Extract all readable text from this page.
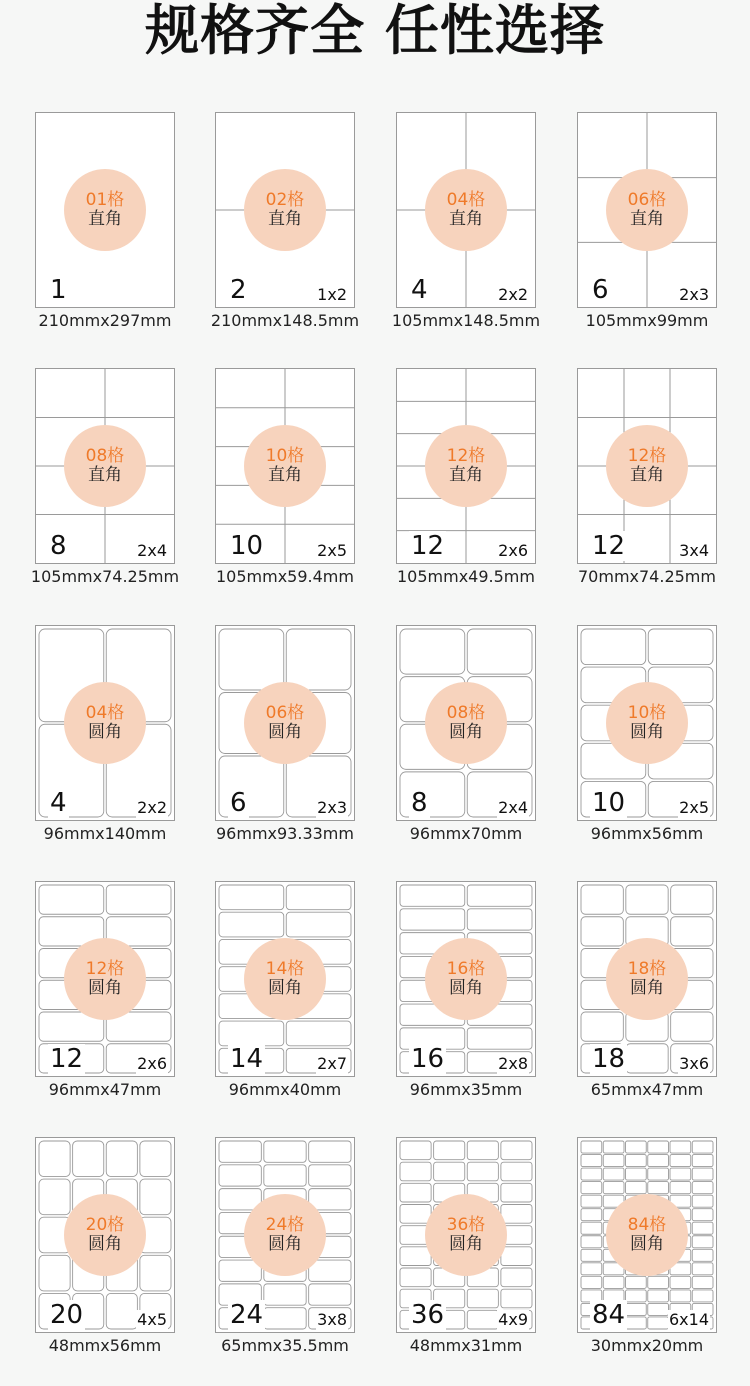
规格齐全 任性选择
01格
直角
1
210mmx297mm
02格
直角
2	1x2
210mmx148.5mm
04格
直角
4	2x2
105mmx148.5mm
06格
直角
6	2x3
105mmx99mm
08格
直角
8	2x4
105mmx74.25mm
10格
直角
10	2x5
105mmx59.4mm
12格
直角
12	2x6
105mmx49.5mm
12格
直角
12	3x4
70mmx74.25mm
04格
圆角
4	2x2
96mmx140mm
06格
圆角
6	2x3
96mmx93.33mm
08格
圆角
8	2x4
96mmx70mm
10格
圆角
10	2x5
96mmx56mm
12格
圆角
12	2x6
96mmx47mm
14格
圆角
14	2x7
96mmx40mm
16格
圆角
16	2x8
96mmx35mm
18格
圆角
18	3x6
65mmx47mm
20格
圆角
20	4x5
48mmx56mm
24格
圆角
24	3x8
65mmx35.5mm
36格
圆角
36	4x9
48mmx31mm
84格
圆角
84	6x14
30mmx20mm
